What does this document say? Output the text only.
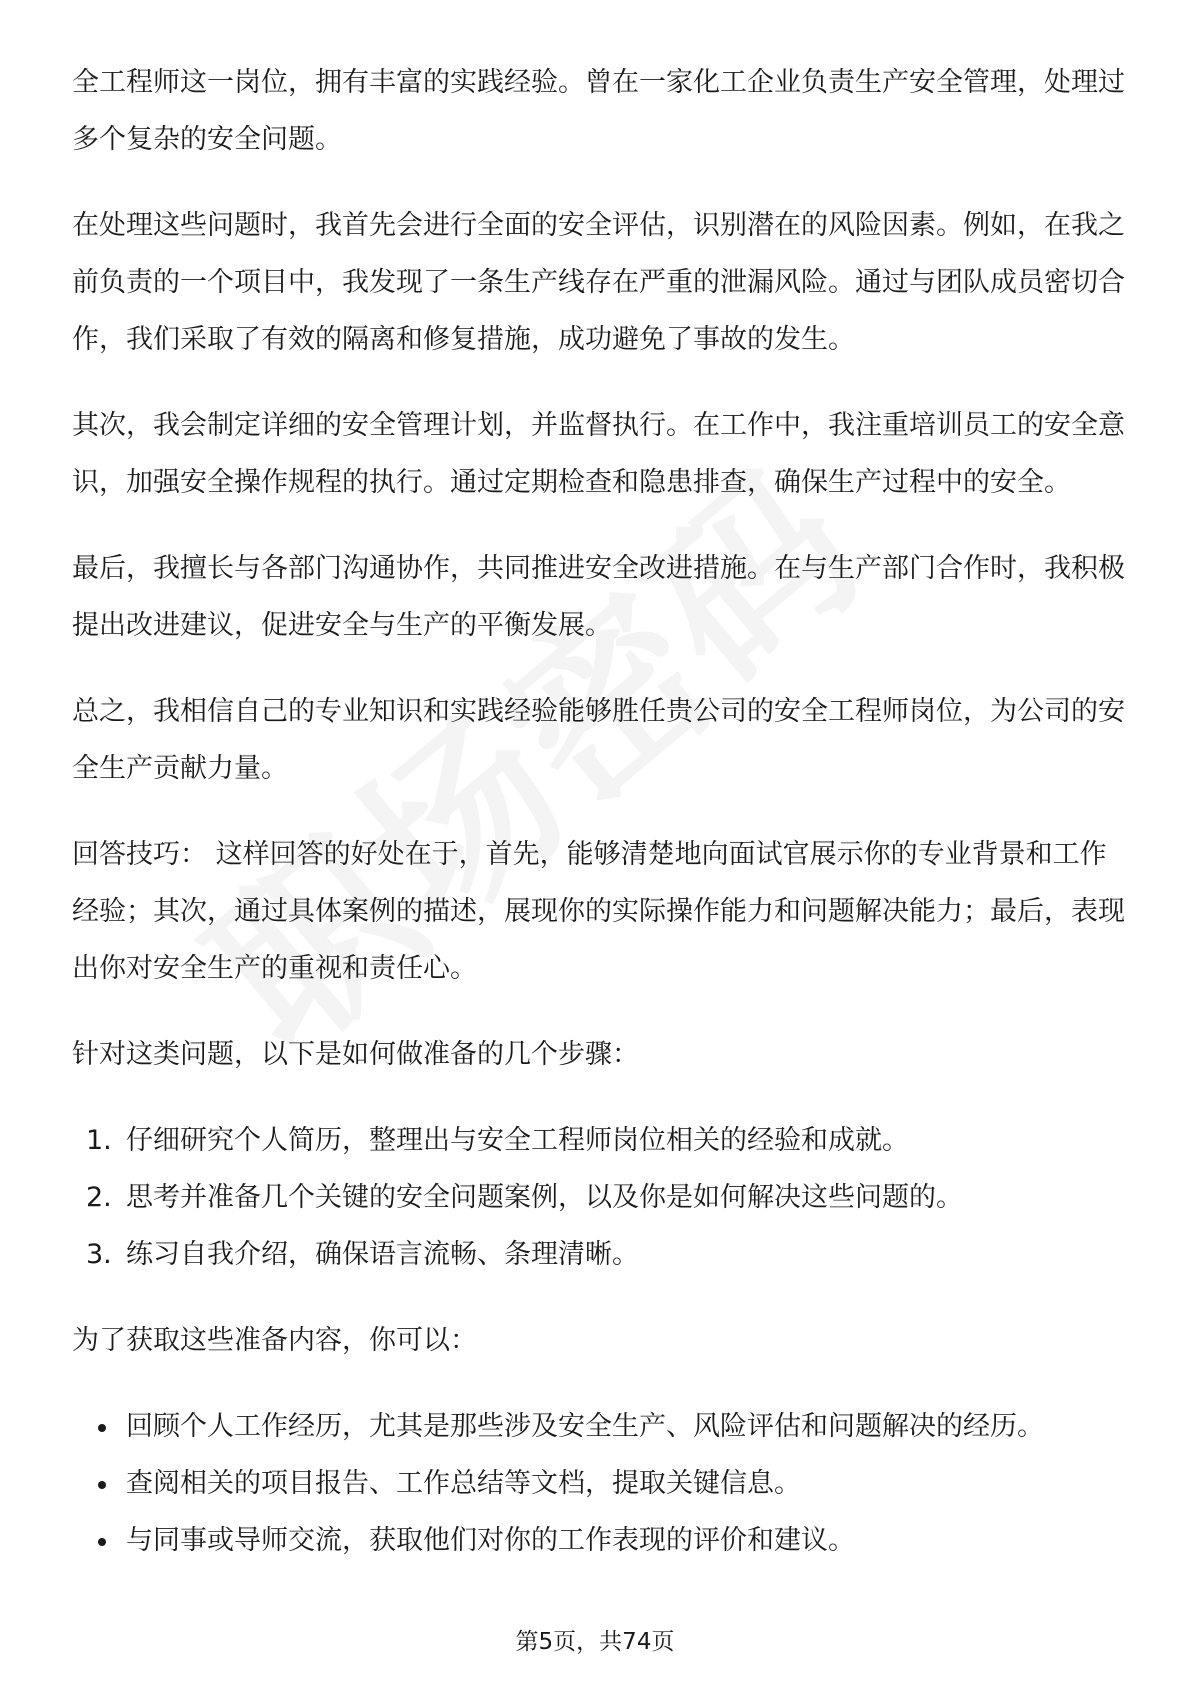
全工程师这一岗位，拥有丰富的实践经验。曾在一家化工企业负责生产安全管理，处理过多个复杂的安全问题。

在处理这些问题时，我首先会进行全面的安全评估，识别潜在的风险因素。例如，在我之前负责的一个项目中，我发现了一条生产线存在严重的泄漏风险。通过与团队成员密切合作，我们采取了有效的隔离和修复措施，成功避免了事故的发生。

其次，我会制定详细的安全管理计划，并监督执行。在工作中，我注重培训员工的安全意识，加强安全操作规程的执行。通过定期检查和隐患排查，确保生产过程中的安全。

最后，我擅长与各部门沟通协作，共同推进安全改进措施。在与生产部门合作时，我积极提出改进建议，促进安全与生产的平衡发展。

总之，我相信自己的专业知识和实践经验能够胜任贵公司的安全工程师岗位，为公司的安全生产贡献力量。

回答技巧： 这样回答的好处在于，首先，能够清楚地向面试官展示你的专业背景和工作经验；其次，通过具体案例的描述，展现你的实际操作能力和问题解决能力；最后，表现出你对安全生产的重视和责任心。

针对这类问题，以下是如何做准备的几个步骤：

1. 仔细研究个人简历，整理出与安全工程师岗位相关的经验和成就。
2. 思考并准备几个关键的安全问题案例，以及你是如何解决这些问题的。
3. 练习自我介绍，确保语言流畅、条理清晰。

为了获取这些准备内容，你可以：

回顾个人工作经历，尤其是那些涉及安全生产、风险评估和问题解决的经历。
查阅相关的项目报告、工作总结等文档，提取关键信息。
与同事或导师交流，获取他们对你的工作表现的评价和建议。
第5页，共74页
